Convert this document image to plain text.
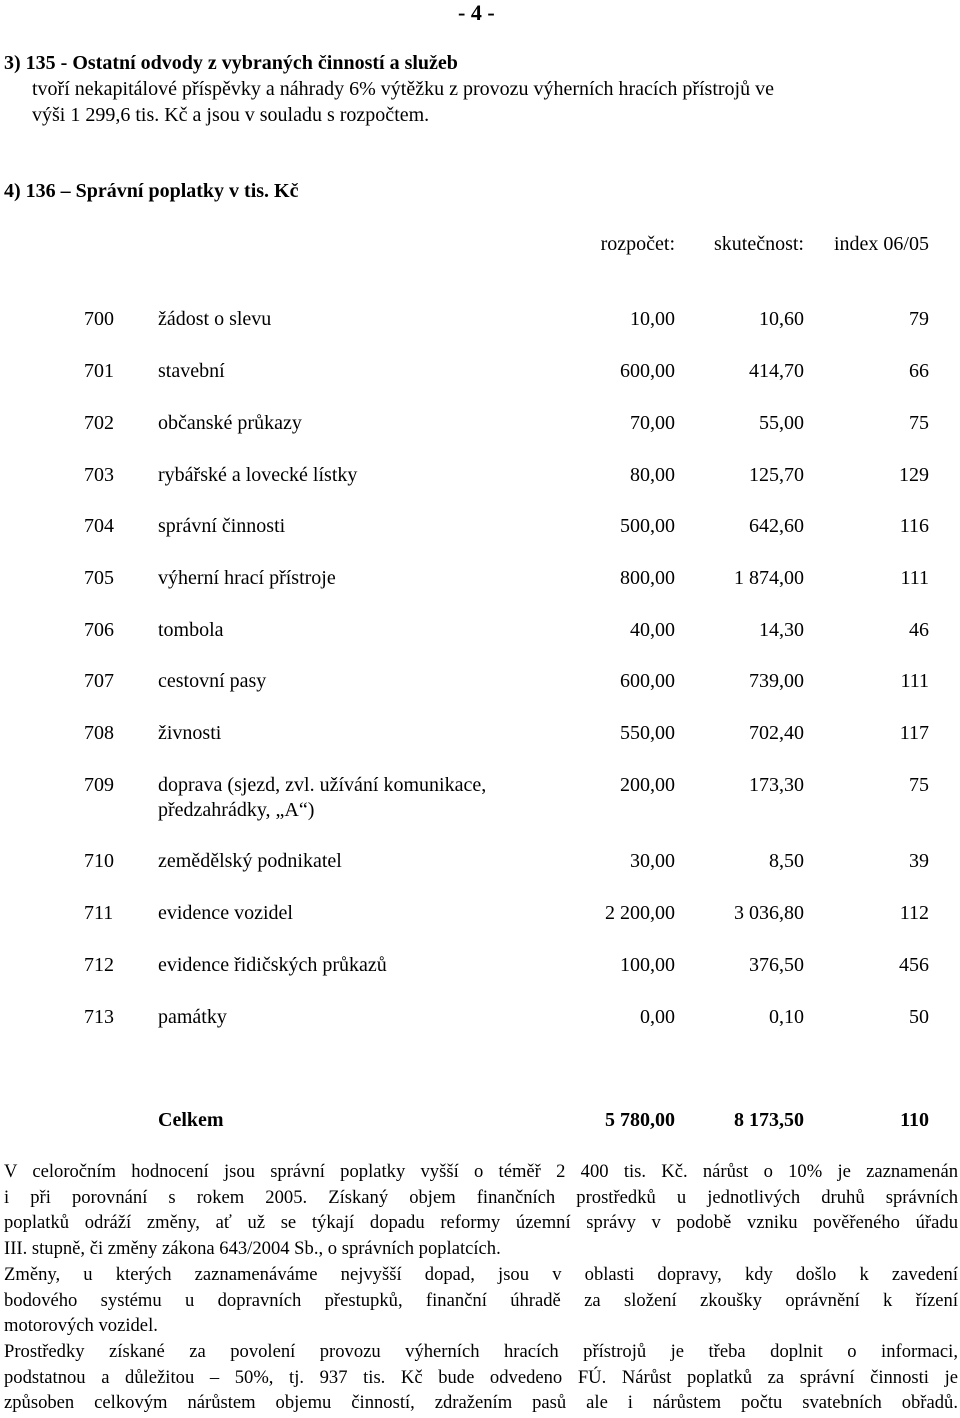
- 4 -
3) 135 - Ostatní odvody z vybraných činností a služeb
tvoří nekapitálové příspěvky a náhrady 6% výtěžku z provozu výherních hracích přístrojů ve
výši 1 299,6 tis. Kč a jsou v souladu s rozpočtem.
4) 136 – Správní poplatky v tis. Kč
rozpočet: skutečnost: index 06/05
700 žádost o slevu	10,00	10,60	79
701 stavební	600,00	414,70	66
702 občanské průkazy	70,00	55,00	75
703 rybářské a lovecké lístky	80,00	125,70	129
704 správní činnosti	500,00	642,60	116
705 výherní hrací přístroje	800,00	1 874,00	111
706 tombola	40,00	14,30	46
707 cestovní pasy	600,00	739,00	111
708 živnosti	550,00	702,40	117
709 doprava (sjezd, zvl. užívání komunikace,	200,00	173,30	75
předzahrádky, „A“)
710 zemědělský podnikatel	30,00	8,50	39
711 evidence vozidel	2 200,00	3 036,80	112
712 evidence řidičských průkazů	100,00	376,50	456
713 památky	0,00	0,10	50
Celkem	5 780,00	8 173,50	110
V celoročním hodnocení jsou správní poplatky vyšší o téměř 2 400 tis. Kč. nárůst o 10% je zaznamenán
i při porovnání s rokem 2005. Získaný objem finančních prostředků u jednotlivých druhů správních
poplatků odráží změny, ať už se týkají dopadu reformy územní správy v podobě vzniku pověřeného úřadu
III. stupně, či změny zákona 643/2004 Sb., o správních poplatcích.
Změny, u kterých zaznamenáváme nejvyšší dopad, jsou v oblasti dopravy, kdy došlo k zavedení
bodového systému u dopravních přestupků, finanční úhradě za složení zkoušky oprávnění k řízení
motorových vozidel.
Prostředky získané za povolení provozu výherních hracích přístrojů je třeba doplnit o informaci,
podstatnou a důležitou – 50%, tj. 937 tis. Kč bude odvedeno FÚ. Nárůst poplatků za správní činnosti je
způsoben celkovým nárůstem objemu činností, zdražením pasů ale i nárůstem počtu svatebních obřadů.
